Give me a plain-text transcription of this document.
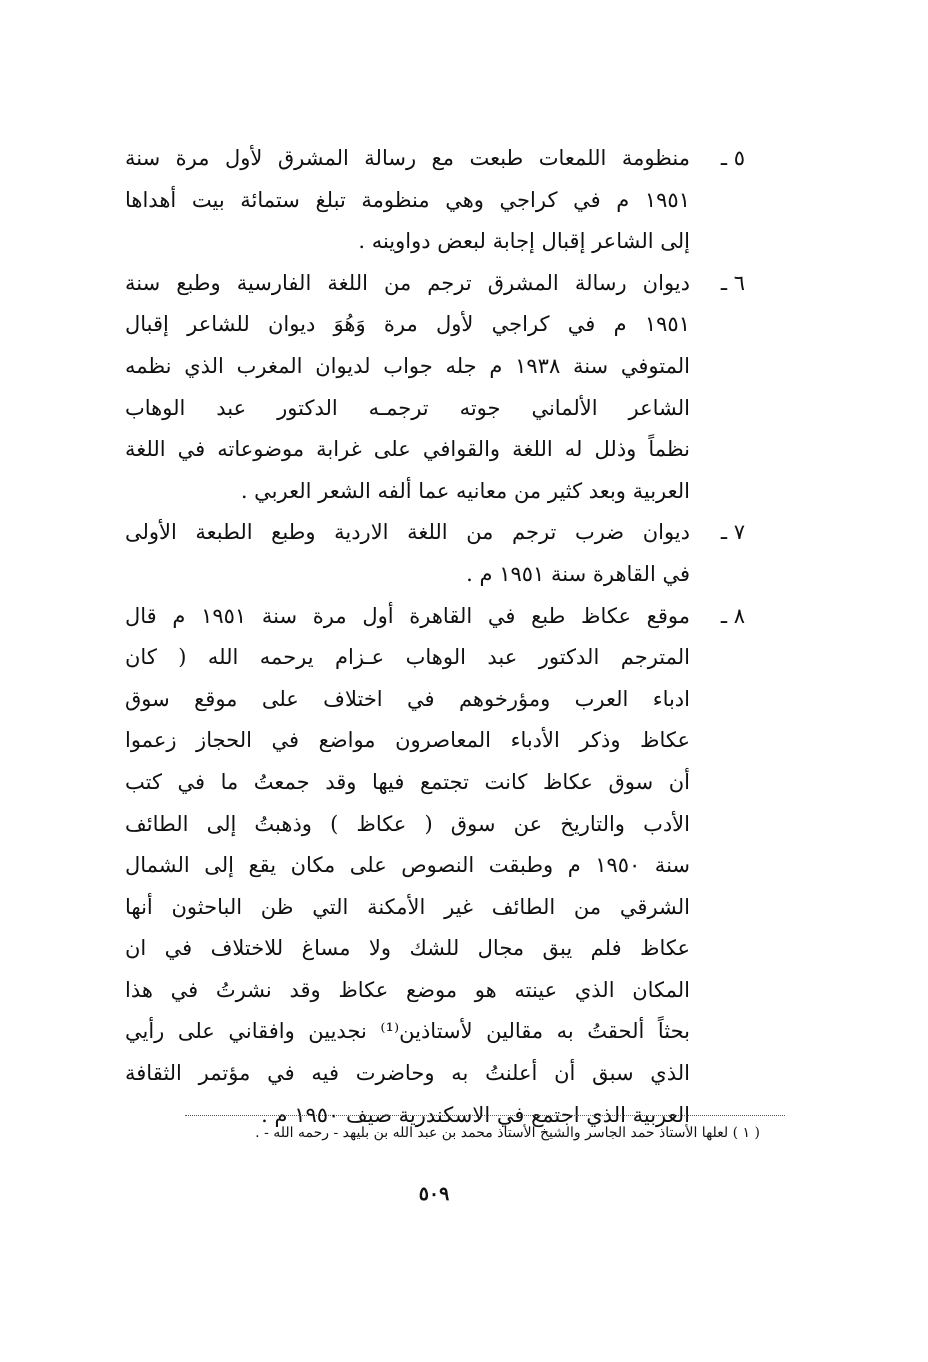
٥ ـ
منظومة اللمعات طبعت مع رسالة المشرق لأول مرة سنة
١٩٥١ م في كراجي وهي منظومة تبلغ ستمائة بيت أهداها
إلى الشاعر إقبال إجابة لبعض دواوينه .
٦ ـ
ديوان رسالة المشرق ترجم من اللغة الفارسية وطبع سنة
١٩٥١ م في كراجي لأول مرة وَهُوَ ديوان للشاعر إقبال
المتوفي سنة ١٩٣٨ م جله جواب لديوان المغرب الذي نظمه
الشاعر الألماني جوته ترجمـه الدكتور عبد الوهاب
نظماً وذلل له اللغة والقوافي على غرابة موضوعاته في اللغة
العربية وبعد كثير من معانيه عما ألفه الشعر العربي .
٧ ـ
ديوان ضرب ترجم من اللغة الاردية وطبع الطبعة الأولى
في القاهرة سنة ١٩٥١ م .
٨ ـ
موقع عكاظ طبع في القاهرة أول مرة سنة ١٩٥١ م قال
المترجم الدكتور عبد الوهاب عـزام يرحمه الله ( كان
ادباء العرب ومؤرخوهم في اختلاف على موقع سوق
عكاظ وذكر الأدباء المعاصرون مواضع في الحجاز زعموا
أن سوق عكاظ كانت تجتمع فيها وقد جمعتُ ما في كتب
الأدب والتاريخ عن سوق ( عكاظ ) وذهبتُ إلى الطائف
سنة ١٩٥٠ م وطبقت النصوص على مكان يقع إلى الشمال
الشرقي من الطائف غير الأمكنة التي ظن الباحثون أنها
عكاظ فلم يبق مجال للشك ولا مساغ للاختلاف في ان
المكان الذي عينته هو موضع عكاظ وقد نشرتُ في هذا
بحثاً ألحقتُ به مقالين لأستاذين⁽¹⁾ نجديين وافقاني على رأيي
الذي سبق أن أعلنتُ به وحاضرت فيه في مؤتمر الثقافة
العربية الذي اجتمع في الاسكندرية صيف ١٩٥٠ م .
( ١ ) لعلها الأستاذ حمد الجاسر والشيخ الأستاذ محمد بن عبد الله بن بليهد - رحمه الله - .
٥٠٩
